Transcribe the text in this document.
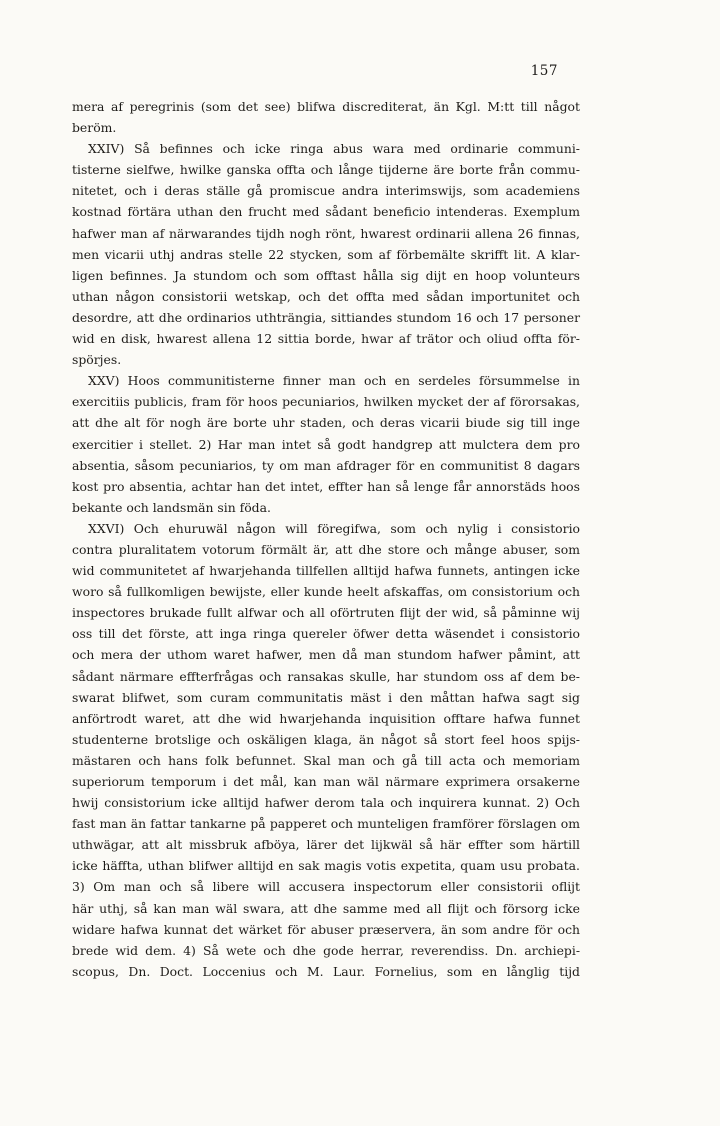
157
mera af peregrinis (som det see) blifwa discrediterat, än Kgl. M:tt till något
beröm.
XXIV) Så befinnes och icke ringa abus wara med ordinarie communi-
tisterne sielfwe, hwilke ganska offta och långe tijderne äre borte från commu-
nitetet, och i deras ställe gå promiscue andra interimswijs, som academiens
kostnad förtära uthan den frucht med sådant beneficio intenderas. Exemplum
hafwer man af närwarandes tijdh nogh rönt, hwarest ordinarii allena 26 finnas,
men vicarii uthj andras stelle 22 stycken, som af förbemälte skrifft lit. A klar-
ligen befinnes. Ja stundom och som offtast hålla sig dijt en hoop volunteurs
uthan någon consistorii wetskap, och det offta med sådan importunitet och
desordre, att dhe ordinarios uthträngia, sittiandes stundom 16 och 17 personer
wid en disk, hwarest allena 12 sittia borde, hwar af trätor och oliud offta för-
spörjes.
XXV) Hoos communitisterne finner man och en serdeles försummelse in
exercitiis publicis, fram för hoos pecuniarios, hwilken mycket der af förorsakas,
att dhe alt för nogh äre borte uhr staden, och deras vicarii biude sig till inge
exercitier i stellet. 2) Har man intet så godt handgrep att mulctera dem pro
absentia, såsom pecuniarios, ty om man afdrager för en communitist 8 dagars
kost pro absentia, achtar han det intet, effter han så lenge får annorstäds hoos
bekante och landsmän sin föda.
XXVI) Och ehuruwäl någon will föregifwa, som och nylig i consistorio
contra pluralitatem votorum förmält är, att dhe store och månge abuser, som
wid communitetet af hwarjehanda tillfellen alltijd hafwa funnets, antingen icke
woro så fullkomligen bewijste, eller kunde heelt afskaffas, om consistorium och
inspectores brukade fullt alfwar och all oförtruten flijt der wid, så påminne wij
oss till det förste, att inga ringa quereler öfwer detta wäsendet i consistorio
och mera der uthom waret hafwer, men då man stundom hafwer påmint, att
sådant närmare effterfrågas och ransakas skulle, har stundom oss af dem be-
swarat blifwet, som curam communitatis mäst i den måttan hafwa sagt sig
anförtrodt waret, att dhe wid hwarjehanda inquisition offtare hafwa funnet
studenterne brotslige och oskäligen klaga, än något så stort feel hoos spijs-
mästaren och hans folk befunnet. Skal man och gå till acta och memoriam
superiorum temporum i det mål, kan man wäl närmare exprimera orsakerne
hwij consistorium icke alltijd hafwer derom tala och inquirera kunnat. 2) Och
fast man än fattar tankarne på papperet och munteligen framförer förslagen om
uthwägar, att alt missbruk afböya, lärer det lijkwäl så här effter som härtill
icke häffta, uthan blifwer alltijd en sak magis votis expetita, quam usu probata.
3) Om man och så libere will accusera inspectorum eller consistorii oflijt
här uthj, så kan man wäl swara, att dhe samme med all flijt och försorg icke
widare hafwa kunnat det wärket för abuser præservera, än som andre för och
brede wid dem. 4) Så wete och dhe gode herrar, reverendiss. Dn. archiepi-
scopus, Dn. Doct. Loccenius och M. Laur. Fornelius, som en långlig tijd
